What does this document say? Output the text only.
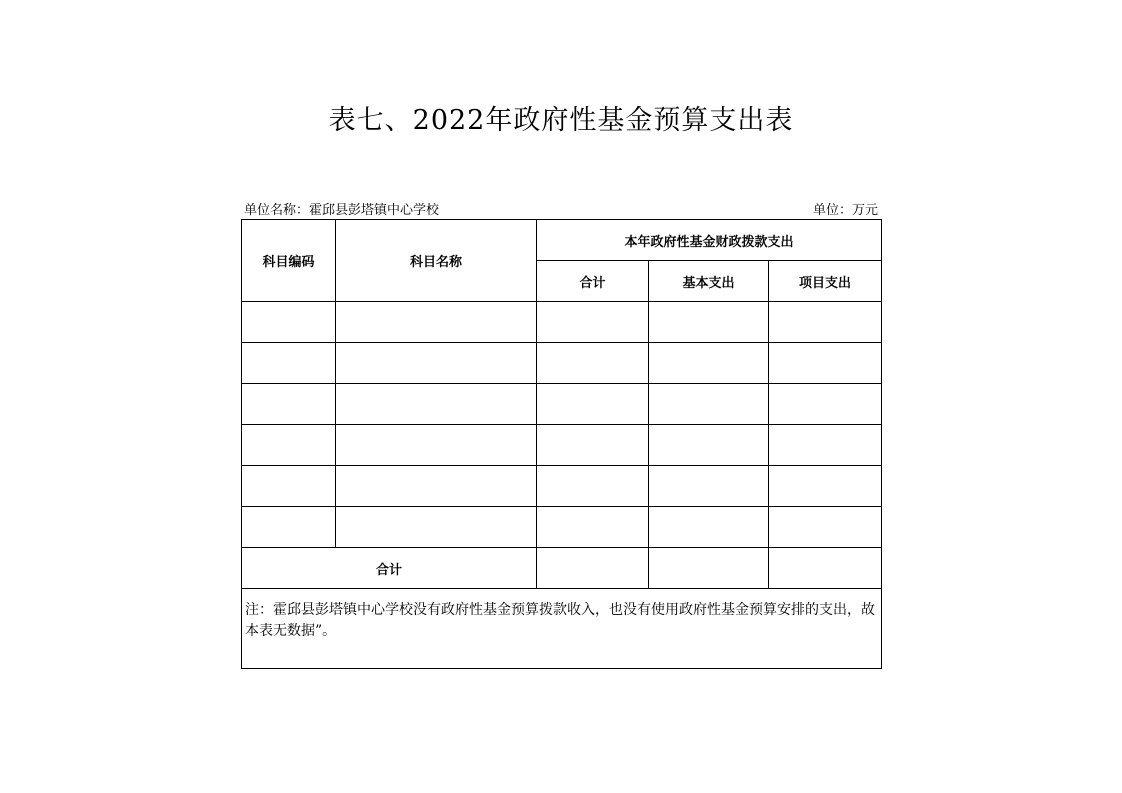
表七、2022年政府性基金预算支出表
单位名称：霍邱县彭塔镇中心学校	单位：万元
科目编码	科目名称	本年政府性基金财政拨款支出		
		合计	基本支出	项目支出

合计				
注：霍邱县彭塔镇中心学校没有政府性基金预算拨款收入，也没有使用政府性基金预算安排的支出，故本表无数据”。				
